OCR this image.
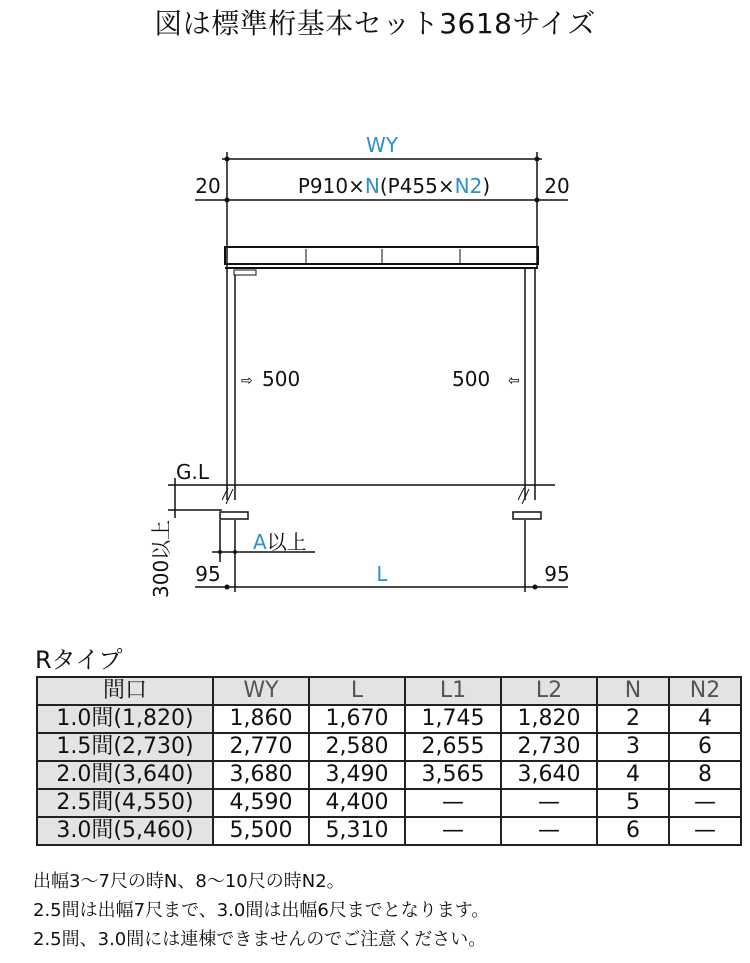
図は標準桁基本セット3618サイズ
WY
20	20
P910×N(P455×N2)
⇨ 500	500 ⇦
G.L
300以上	A以上
95	95
L
Rタイプ
間口	WY	L	L1	L2	N	N2
1.0間(1,820)	1,860	1,670	1,745	1,820	2	4
1.5間(2,730)	2,770	2,580	2,655	2,730	3	6
2.0間(3,640)	3,680	3,490	3,565	3,640	4	8
2.5間(4,550)	4,590	4,400	—	—	5	—
3.0間(5,460)	5,500	5,310	—	—	6	—
出幅3～7尺の時N、8～10尺の時N2。
2.5間は出幅7尺まで、3.0間は出幅6尺までとなります。
2.5間、3.0間には連棟できませんのでご注意ください。
